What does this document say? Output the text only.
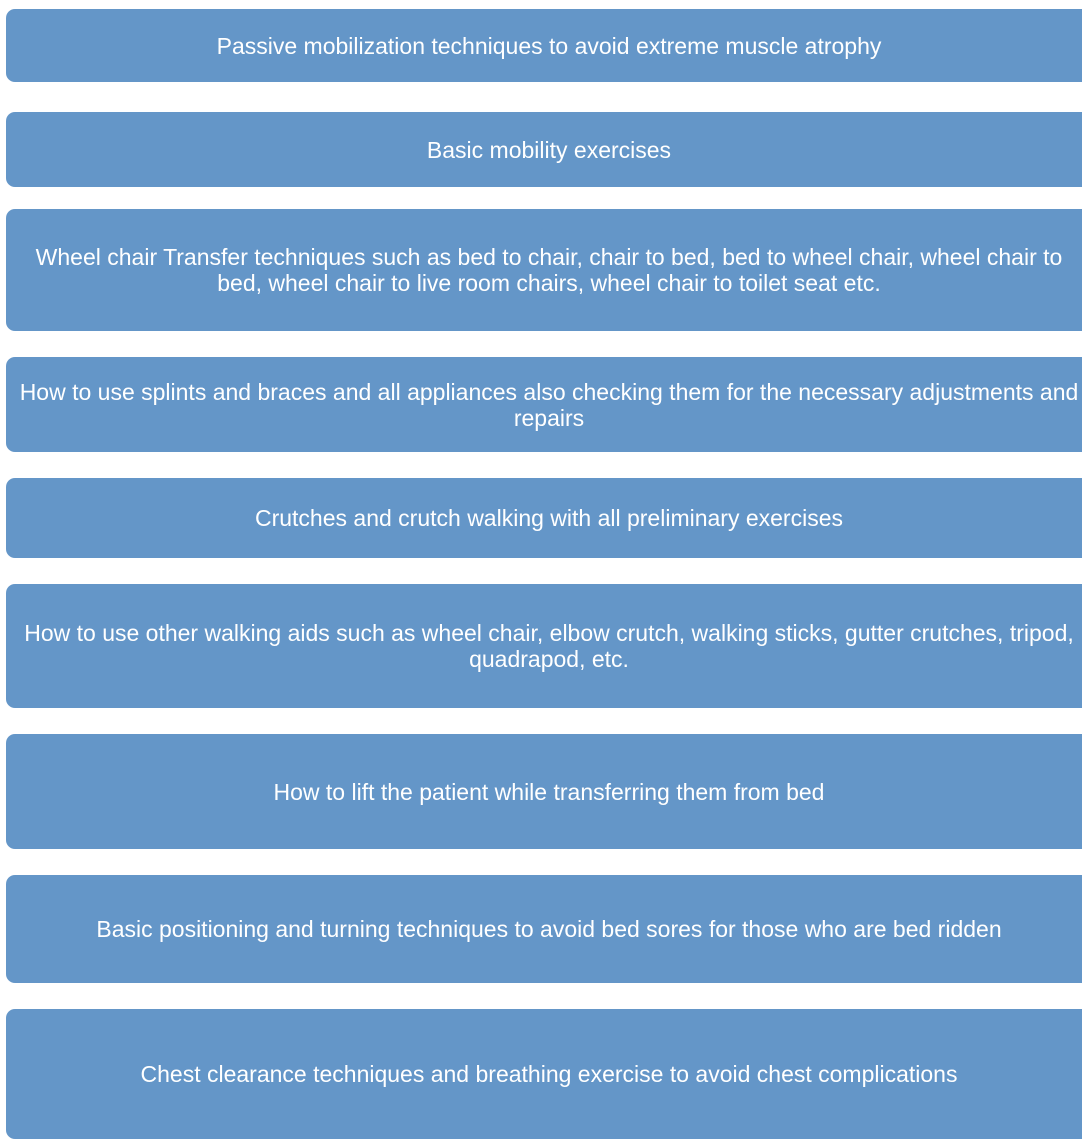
Passive mobilization techniques to avoid extreme muscle atrophy
Basic mobility exercises
Wheel chair Transfer techniques such as bed to chair, chair to bed, bed to wheel chair, wheel chair to bed, wheel chair to live room chairs, wheel chair to toilet seat etc.
How to use splints and braces and all appliances also checking them for the necessary adjustments and repairs
Crutches and crutch walking with all preliminary exercises
How to use other walking aids such as wheel chair, elbow crutch, walking sticks, gutter crutches, tripod, quadrapod, etc.
How to lift the patient while transferring them from bed
Basic positioning and turning techniques to avoid bed sores for those who are bed ridden
Chest clearance techniques and breathing exercise to avoid chest complications
